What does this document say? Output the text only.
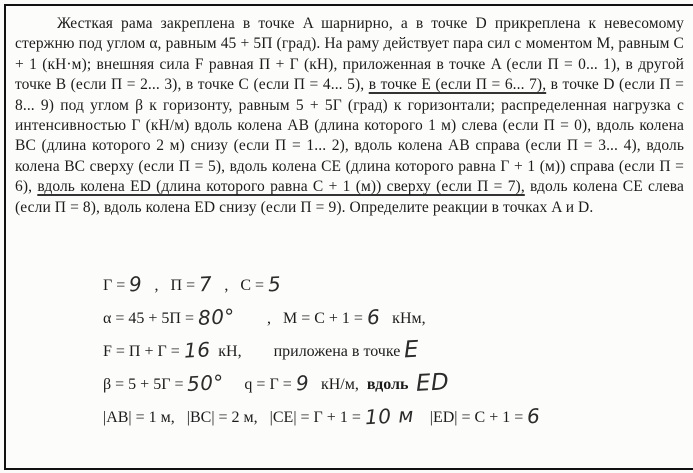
Жесткая рама закреплена в точке A шарнирно, а в точке D прикреплена к невесомому стержню под углом α, равным 45 + 5П (град). На раму действует пара сил с моментом M, равным C + 1 (кН·м); внешняя сила F равная П + Г (кН), приложенная в точке A (если П = 0... 1), в другой точке B (если П = 2... 3), в точке C (если П = 4... 5), в точке E (если П = 6... 7), в точке D (если П = 8... 9) под углом β к горизонту, равным 5 + 5Г (град) к горизонтали; распределенная нагрузка с интенсивностью Г (кН/м) вдоль колена AB (длина которого 1 м) слева (если П = 0), вдоль колена BC (длина которого 2 м) снизу (если П = 1... 2), вдоль колена AB справа (если П = 3... 4), вдоль колена BC сверху (если П = 5), вдоль колена CE (длина которого равна Г + 1 (м)) справа (если П = 6), вдоль колена ED (длина которого равна C + 1 (м)) сверху (если П = 7), вдоль колена CE слева (если П = 8), вдоль колена ED снизу (если П = 9). Определите реакции в точках A и D.

Г = 9   ,   П = 7   ,   C = 5

α = 45 + 5П = 80°        ,   M = C + 1 = 6   кНм,

F = П + Г = 16  кН,        приложена в точке E

β = 5 + 5Г = 50°     q = Г = 9   кН/м,  вдоль  ED

|AB| = 1 м,   |BC| = 2 м,   |CE| = Г + 1 = 10 м    |ED| = C + 1 = 6
